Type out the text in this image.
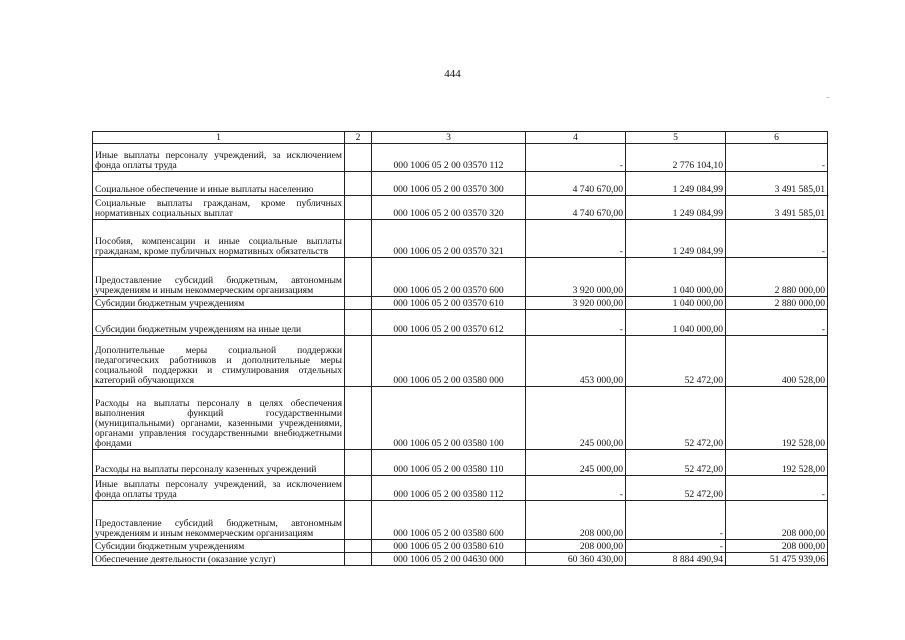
444
-
-
1	2	3	4	5	6
Иные выплаты персоналу учреждений, за исключением фонда оплаты труда		000 1006 05 2 00 03570 112	-	2 776 104,10	-
Социальное обеспечение и иные выплаты населению		000 1006 05 2 00 03570 300	4 740 670,00	1 249 084,99	3 491 585,01
Социальные выплаты гражданам, кроме публичных нормативных социальных выплат		000 1006 05 2 00 03570 320	4 740 670,00	1 249 084,99	3 491 585,01
Пособия, компенсации и иные социальные выплаты гражданам, кроме публичных нормативных обязательств		000 1006 05 2 00 03570 321	-	1 249 084,99	-
Предоставление субсидий бюджетным, автономным учреждениям и иным некоммерческим организациям		000 1006 05 2 00 03570 600	3 920 000,00	1 040 000,00	2 880 000,00
Субсидии бюджетным учреждениям		000 1006 05 2 00 03570 610	3 920 000,00	1 040 000,00	2 880 000,00
Субсидии бюджетным учреждениям на иные цели		000 1006 05 2 00 03570 612	-	1 040 000,00	-
Дополнительные меры социальной поддержки педагогических работников и дополнительные меры социальной поддержки и стимулирования отдельных категорий обучающихся		000 1006 05 2 00 03580 000	453 000,00	52 472,00	400 528,00
Расходы на выплаты персоналу в целях обеспечения выполнения функций государственными (муниципальными) органами, казенными учреждениями, органами управления государственными внебюджетными фондами		000 1006 05 2 00 03580 100	245 000,00	52 472,00	192 528,00
Расходы на выплаты персоналу казенных учреждений		000 1006 05 2 00 03580 110	245 000,00	52 472,00	192 528,00
Иные выплаты персоналу учреждений, за исключением фонда оплаты труда		000 1006 05 2 00 03580 112	-	52 472,00	-
Предоставление субсидий бюджетным, автономным учреждениям и иным некоммерческим организациям		000 1006 05 2 00 03580 600	208 000,00	-	208 000,00
Субсидии бюджетным учреждениям		000 1006 05 2 00 03580 610	208 000,00	-	208 000,00
Обеспечение деятельности (оказание услуг)		000 1006 05 2 00 04630 000	60 360 430,00	8 884 490,94	51 475 939,06
